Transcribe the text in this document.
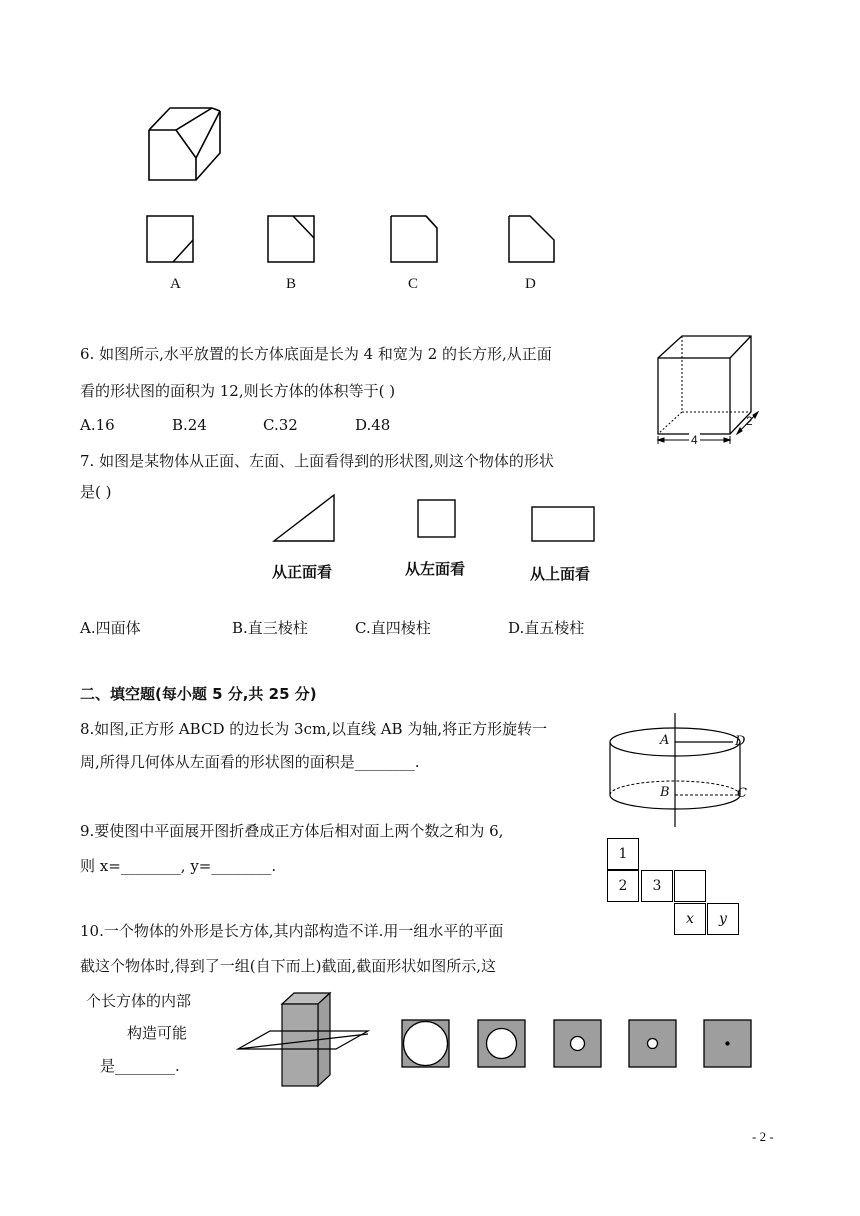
A	B	C	D
6. 如图所示,水平放置的长方体底面是长为 4 和宽为 2 的长方形,从正面
看的形状图的面积为 12,则长方体的体积等于( )
A.16	B.24	C.32	D.48
4
2
7. 如图是某物体从正面、左面、上面看得到的形状图,则这个物体的形状
是( )
从正面看	从左面看	从上面看
A.四面体	B.直三棱柱	C.直四棱柱	D.直五棱柱
二、填空题(每小题 5 分,共 25 分)
8.如图,正方形 ABCD 的边长为 3cm,以直线 AB 为轴,将正方形旋转一
周,所得几何体从左面看的形状图的面积是________.
A	D
B	C
9.要使图中平面展开图折叠成正方体后相对面上两个数之和为 6,
则 x=________, y=________.
1
2 3
x y
10.一个物体的外形是长方体,其内部构造不详.用一组水平的平面
截这个物体时,得到了一组(自下而上)截面,截面形状如图所示,这
个长方体的内部
构造可能
是________.
- 2 -
